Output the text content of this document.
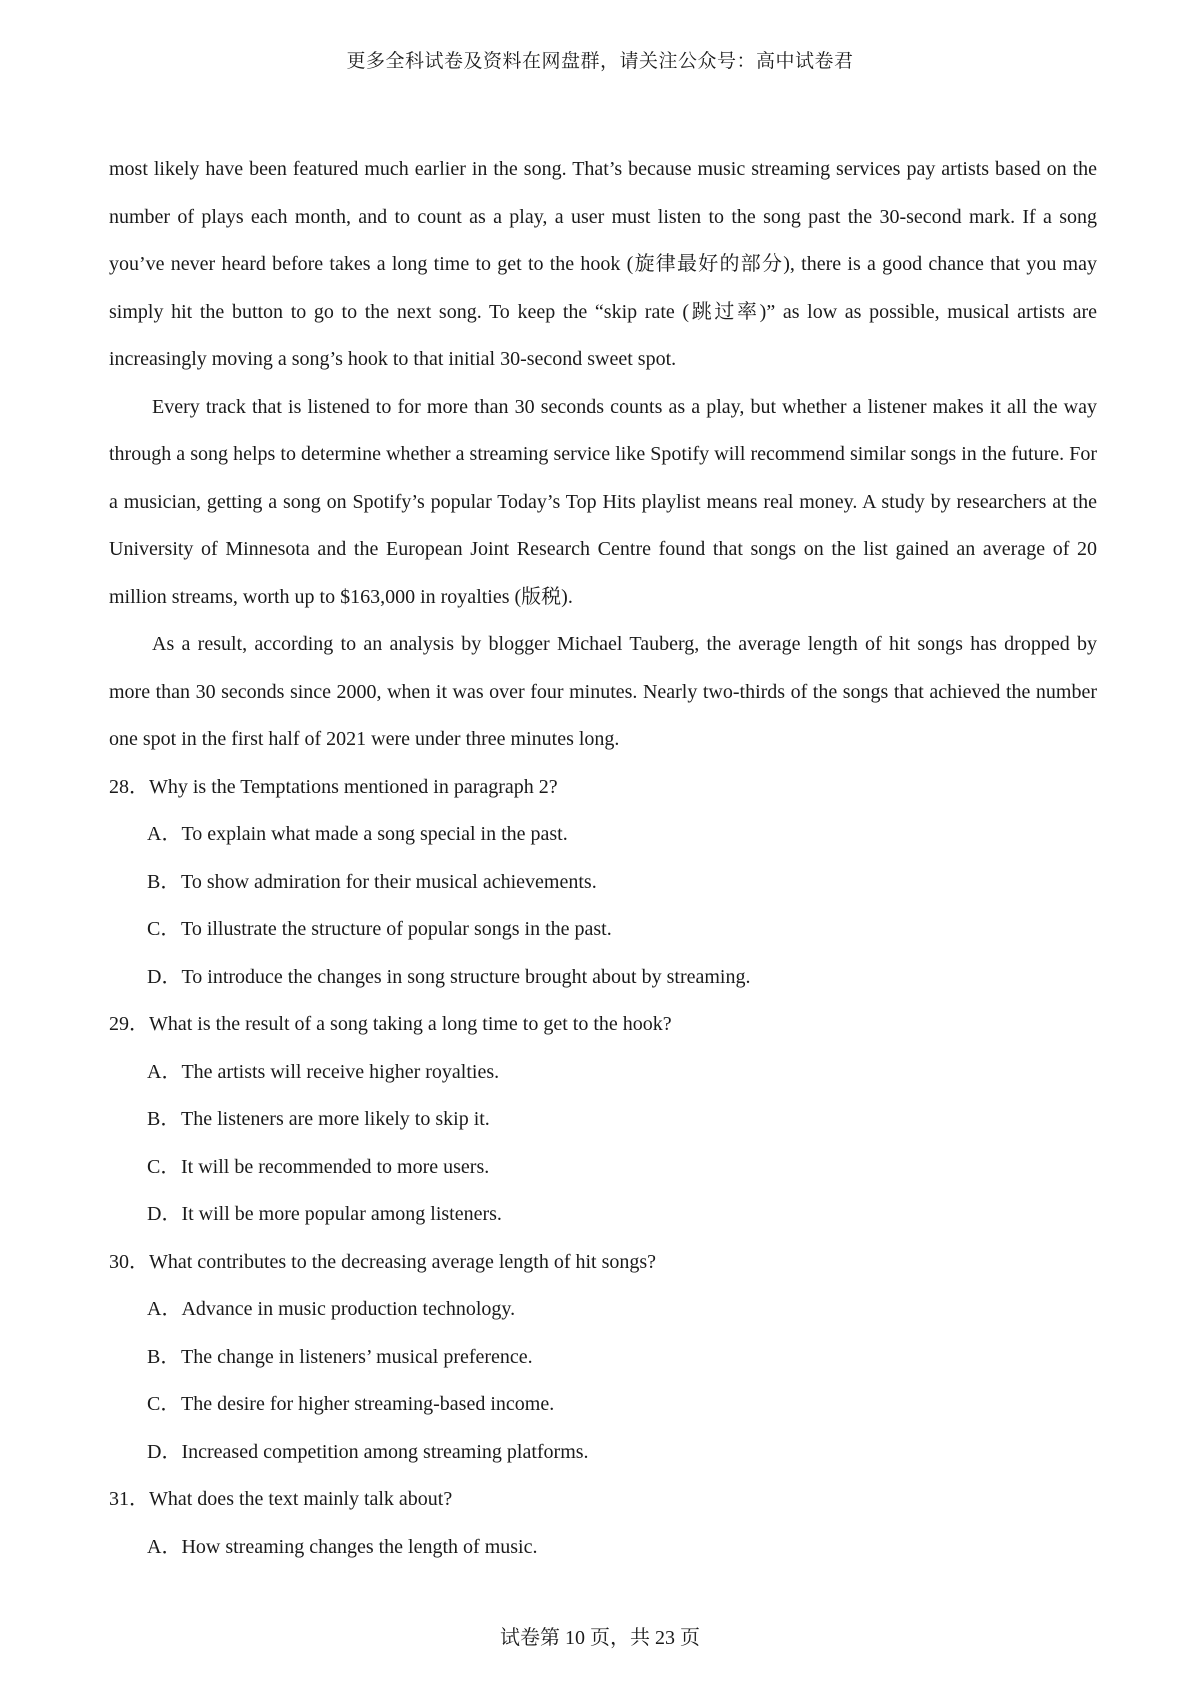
更多全科试卷及资料在网盘群，请关注公众号：高中试卷君

most likely have been featured much earlier in the song. That’s because music streaming services pay artists based on the number of plays each month, and to count as a play, a user must listen to the song past the 30-second mark. If a song you’ve never heard before takes a long time to get to the hook (旋律最好的部分), there is a good chance that you may simply hit the button to go to the next song. To keep the “skip rate (跳过率)” as low as possible, musical artists are increasingly moving a song’s hook to that initial 30-second sweet spot.

Every track that is listened to for more than 30 seconds counts as a play, but whether a listener makes it all the way through a song helps to determine whether a streaming service like Spotify will recommend similar songs in the future. For a musician, getting a song on Spotify’s popular Today’s Top Hits playlist means real money. A study by researchers at the University of Minnesota and the European Joint Research Centre found that songs on the list gained an average of 20 million streams, worth up to $163,000 in royalties (版税).

As a result, according to an analysis by blogger Michael Tauberg, the average length of hit songs has dropped by more than 30 seconds since 2000, when it was over four minutes. Nearly two-thirds of the songs that achieved the number one spot in the first half of 2021 were under three minutes long.

28．Why is the Temptations mentioned in paragraph 2?
A．To explain what made a song special in the past.
B．To show admiration for their musical achievements.
C．To illustrate the structure of popular songs in the past.
D．To introduce the changes in song structure brought about by streaming.
29．What is the result of a song taking a long time to get to the hook?
A．The artists will receive higher royalties.
B．The listeners are more likely to skip it.
C．It will be recommended to more users.
D．It will be more popular among listeners.
30．What contributes to the decreasing average length of hit songs?
A．Advance in music production technology.
B．The change in listeners’ musical preference.
C．The desire for higher streaming-based income.
D．Increased competition among streaming platforms.
31．What does the text mainly talk about?
A．How streaming changes the length of music.
试卷第 10 页，共 23 页
